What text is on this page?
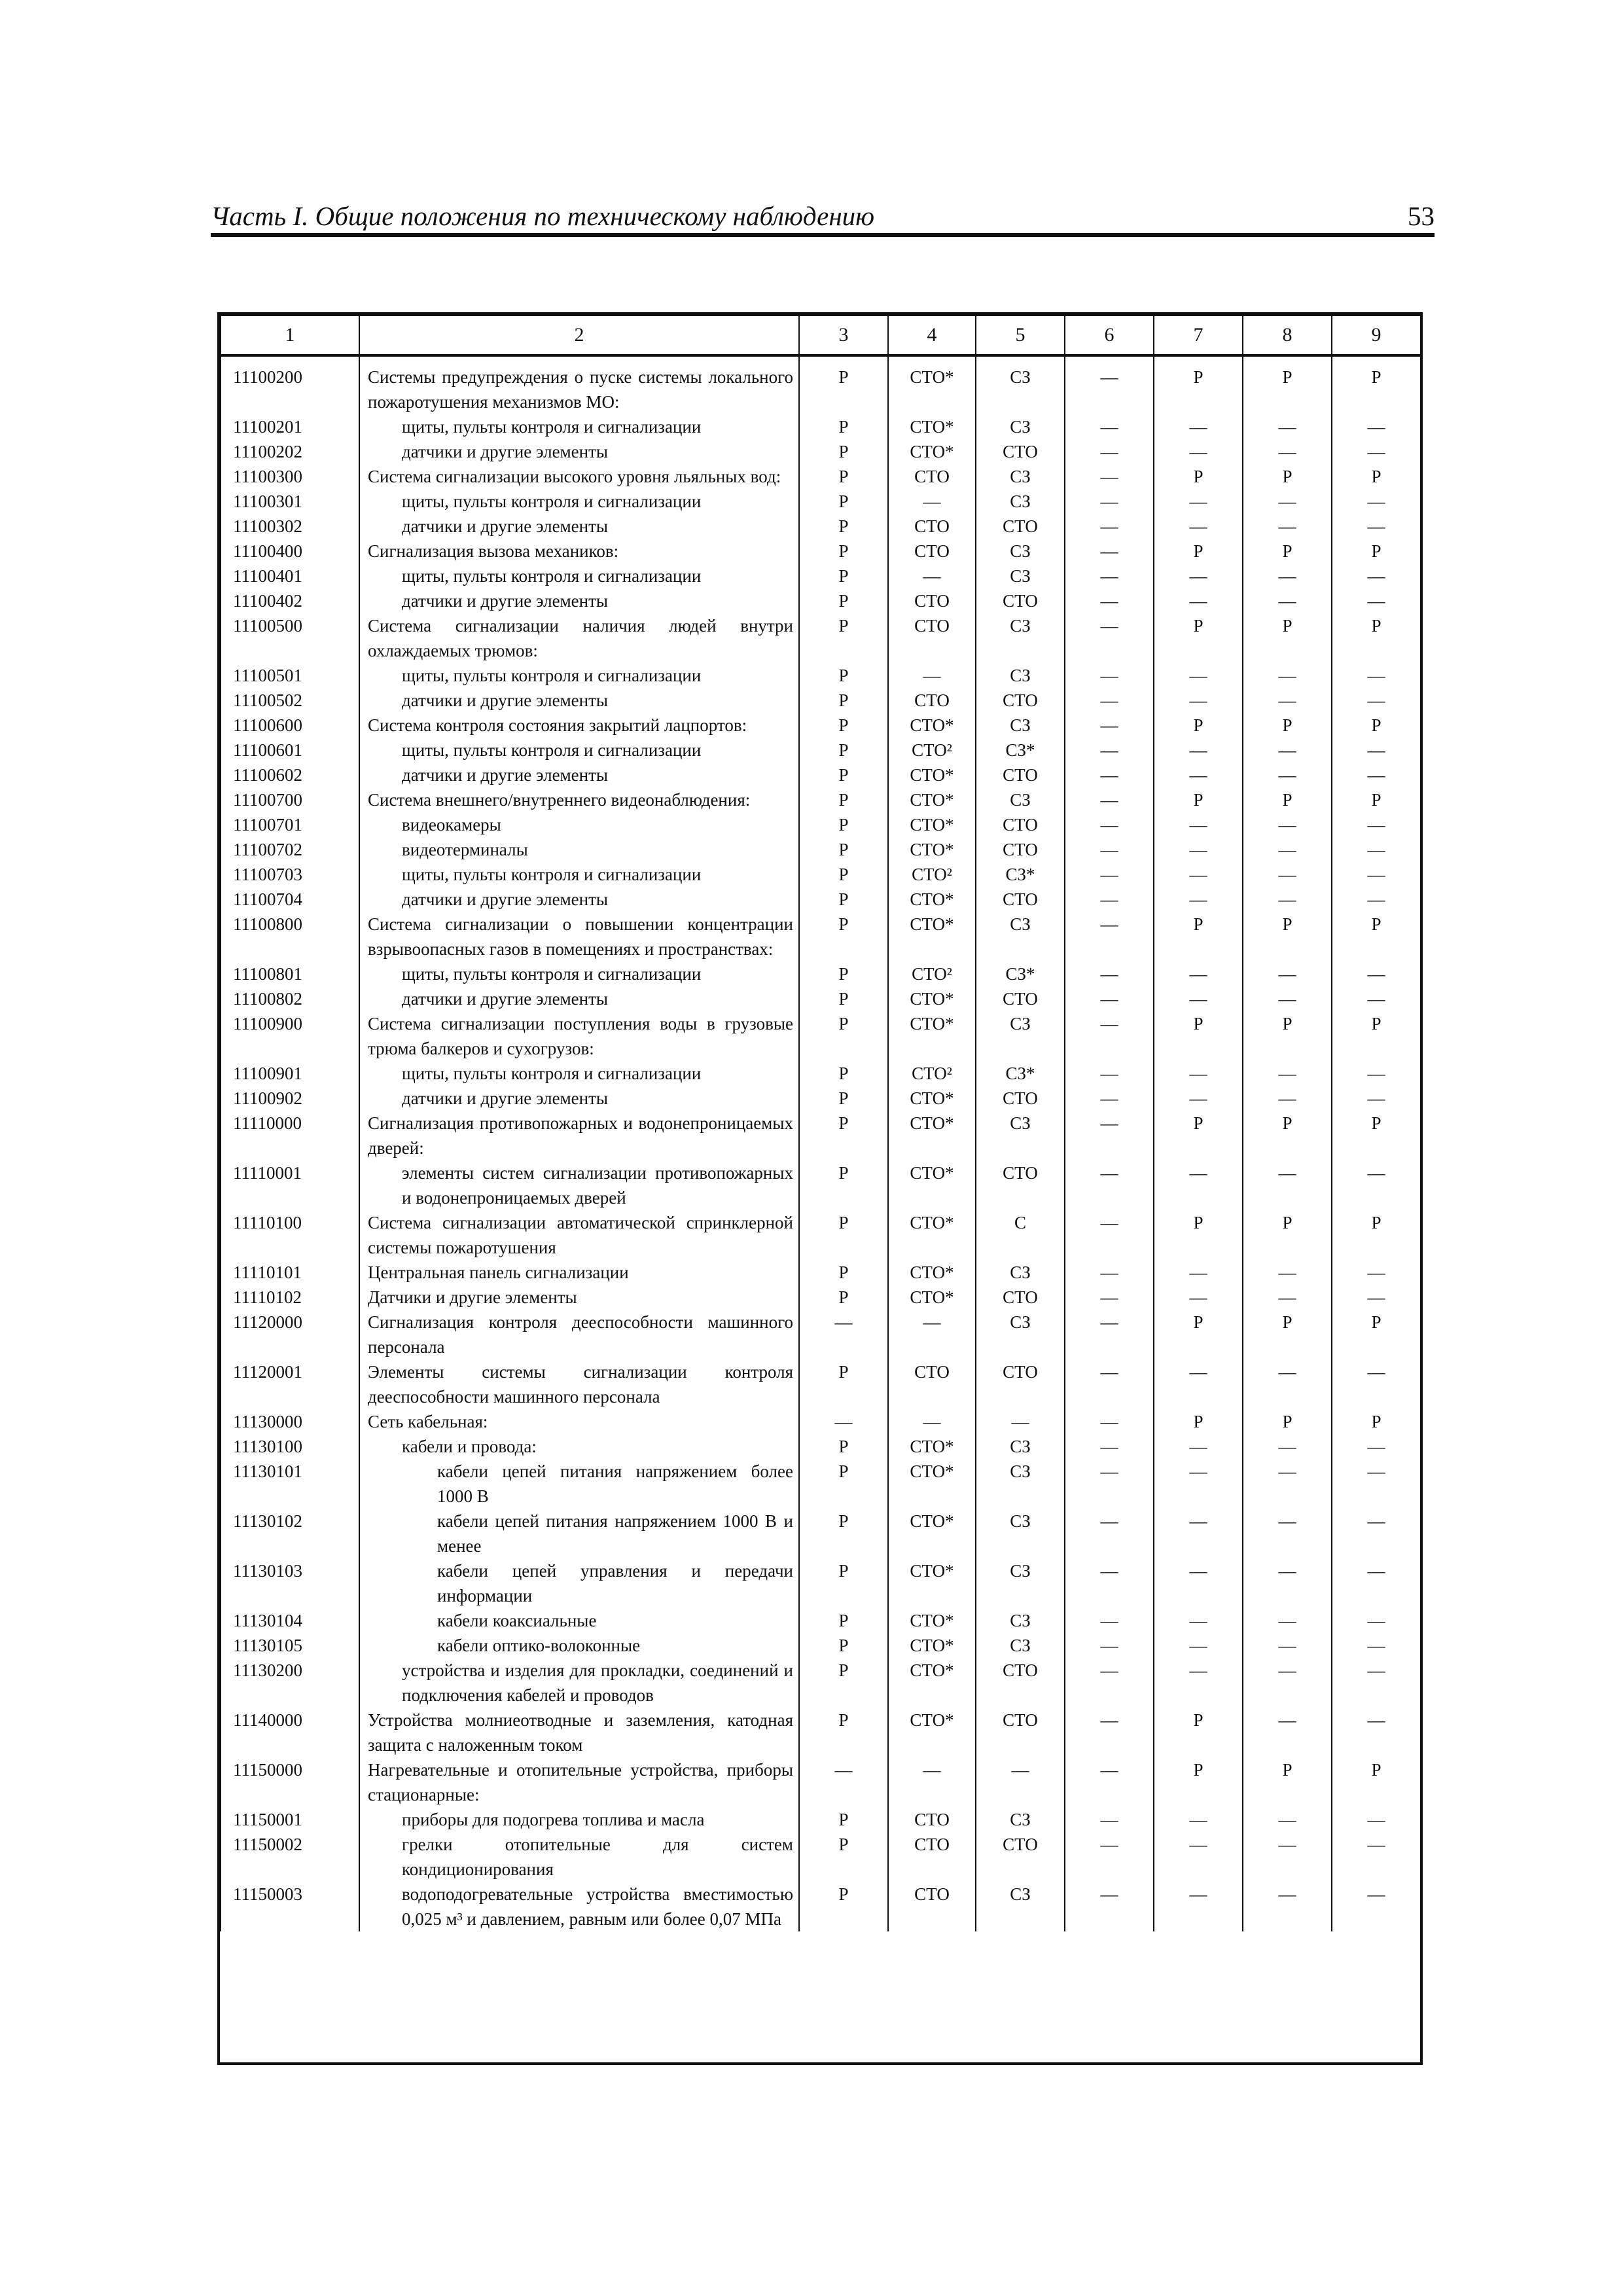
Часть I. Общие положения по техническому наблюдению	53
1	2	3	4	5	6	7	8	9
11100200	Системы предупреждения о пуске системы локального пожаротушения механизмов МО:	Р	СТО*	СЗ	—	Р	Р	Р
11100201	щиты, пульты контроля и сигнализации	Р	СТО*	СЗ	—	—	—	—
11100202	датчики и другие элементы	Р	СТО*	СТО	—	—	—	—
11100300	Система сигнализации высокого уровня льяльных вод:	Р	СТО	СЗ	—	Р	Р	Р
11100301	щиты, пульты контроля и сигнализации	Р	—	СЗ	—	—	—	—
11100302	датчики и другие элементы	Р	СТО	СТО	—	—	—	—
11100400	Сигнализация вызова механиков:	Р	СТО	СЗ	—	Р	Р	Р
11100401	щиты, пульты контроля и сигнализации	Р	—	СЗ	—	—	—	—
11100402	датчики и другие элементы	Р	СТО	СТО	—	—	—	—
11100500	Система сигнализации наличия людей внутри охлаждаемых трюмов:	Р	СТО	СЗ	—	Р	Р	Р
11100501	щиты, пульты контроля и сигнализации	Р	—	СЗ	—	—	—	—
11100502	датчики и другие элементы	Р	СТО	СТО	—	—	—	—
11100600	Система контроля состояния закрытий лацпортов:	Р	СТО*	СЗ	—	Р	Р	Р
11100601	щиты, пульты контроля и сигнализации	Р	СТО²	СЗ*	—	—	—	—
11100602	датчики и другие элементы	Р	СТО*	СТО	—	—	—	—
11100700	Система внешнего/внутреннего видеонаблюдения:	Р	СТО*	СЗ	—	Р	Р	Р
11100701	видеокамеры	Р	СТО*	СТО	—	—	—	—
11100702	видеотерминалы	Р	СТО*	СТО	—	—	—	—
11100703	щиты, пульты контроля и сигнализации	Р	СТО²	СЗ*	—	—	—	—
11100704	датчики и другие элементы	Р	СТО*	СТО	—	—	—	—
11100800	Система сигнализации о повышении концентрации взрывоопасных газов в помещениях и пространствах:	Р	СТО*	СЗ	—	Р	Р	Р
11100801	щиты, пульты контроля и сигнализации	Р	СТО²	СЗ*	—	—	—	—
11100802	датчики и другие элементы	Р	СТО*	СТО	—	—	—	—
11100900	Система сигнализации поступления воды в грузовые трюма балкеров и сухогрузов:	Р	СТО*	СЗ	—	Р	Р	Р
11100901	щиты, пульты контроля и сигнализации	Р	СТО²	СЗ*	—	—	—	—
11100902	датчики и другие элементы	Р	СТО*	СТО	—	—	—	—
11110000	Сигнализация противопожарных и водонепроницаемых дверей:	Р	СТО*	СЗ	—	Р	Р	Р
11110001	элементы систем сигнализации противопожарных и водонепроницаемых дверей	Р	СТО*	СТО	—	—	—	—
11110100	Система сигнализации автоматической спринклерной системы пожаротушения	Р	СТО*	С	—	Р	Р	Р
11110101	Центральная панель сигнализации	Р	СТО*	СЗ	—	—	—	—
11110102	Датчики и другие элементы	Р	СТО*	СТО	—	—	—	—
11120000	Сигнализация контроля дееспособности машинного персонала	—	—	СЗ	—	Р	Р	Р
11120001	Элементы системы сигнализации контроля дееспособности машинного персонала	Р	СТО	СТО	—	—	—	—
11130000	Сеть кабельная:	—	—	—	—	Р	Р	Р
11130100	кабели и провода:	Р	СТО*	СЗ	—	—	—	—
11130101	кабели цепей питания напряжением более 1000 В	Р	СТО*	СЗ	—	—	—	—
11130102	кабели цепей питания напряжением 1000 В и менее	Р	СТО*	СЗ	—	—	—	—
11130103	кабели цепей управления и передачи информации	Р	СТО*	СЗ	—	—	—	—
11130104	кабели коаксиальные	Р	СТО*	СЗ	—	—	—	—
11130105	кабели оптико-волоконные	Р	СТО*	СЗ	—	—	—	—
11130200	устройства и изделия для прокладки, соединений и подключения кабелей и проводов	Р	СТО*	СТО	—	—	—	—
11140000	Устройства молниеотводные и заземления, катодная защита с наложенным током	Р	СТО*	СТО	—	Р	—	—
11150000	Нагревательные и отопительные устройства, приборы стационарные:	—	—	—	—	Р	Р	Р
11150001	приборы для подогрева топлива и масла	Р	СТО	СЗ	—	—	—	—
11150002	грелки отопительные для систем кондиционирования	Р	СТО	СТО	—	—	—	—
11150003	водоподогревательные устройства вместимостью 0,025 м³ и давлением, равным или более 0,07 МПа	Р	СТО	СЗ	—	—	—	—
